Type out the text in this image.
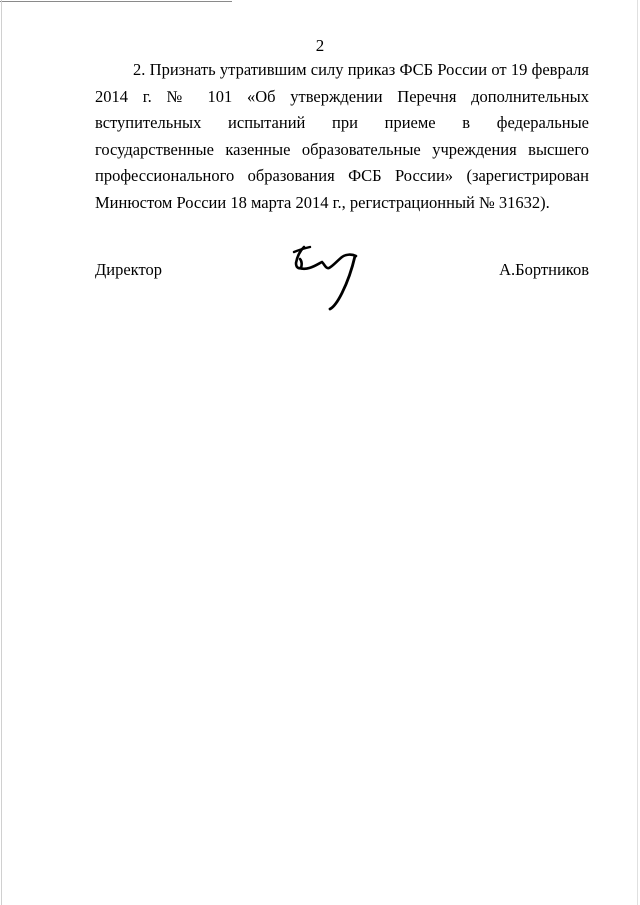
2

2. Признать утратившим силу приказ ФСБ России от 19 февраля 2014 г. № 101 «Об утверждении Перечня дополнительных вступительных испытаний при приеме в федеральные государственные казенные образовательные учреждения высшего профессионального образования ФСБ России» (зарегистрирован Минюстом России 18 марта 2014 г., регистрационный № 31632).

Директор	А.Бортников
